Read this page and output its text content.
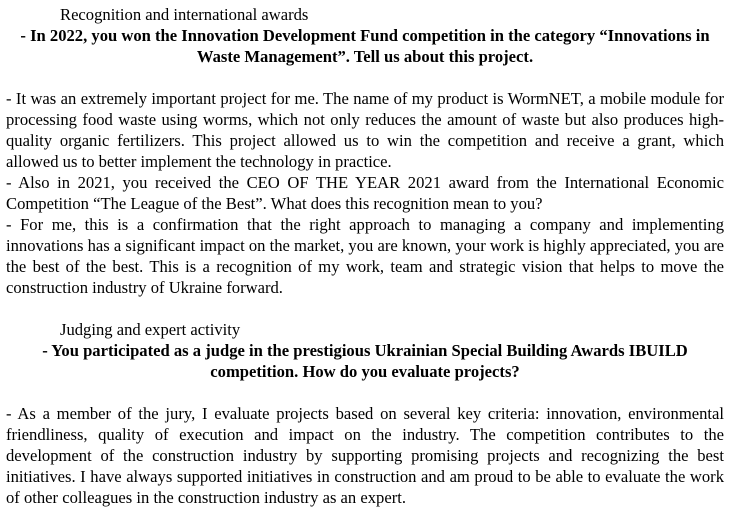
Recognition and international awards

- In 2022, you won the Innovation Development Fund competition in the category “Innovations in Waste Management”. Tell us about this project.

- It was an extremely important project for me. The name of my product is WormNET, a mobile module for processing food waste using worms, which not only reduces the amount of waste but also produces high-quality organic fertilizers. This project allowed us to win the competition and receive a grant, which allowed us to better implement the technology in practice.

- Also in 2021, you received the CEO OF THE YEAR 2021 award from the International Economic Competition “The League of the Best”. What does this recognition mean to you?

- For me, this is a confirmation that the right approach to managing a company and implementing innovations has a significant impact on the market, you are known, your work is highly appreciated, you are the best of the best. This is a recognition of my work, team and strategic vision that helps to move the construction industry of Ukraine forward.

Judging and expert activity

- You participated as a judge in the prestigious Ukrainian Special Building Awards IBUILD competition. How do you evaluate projects?

- As a member of the jury, I evaluate projects based on several key criteria: innovation, environmental friendliness, quality of execution and impact on the industry. The competition contributes to the development of the construction industry by supporting promising projects and recognizing the best initiatives. I have always supported initiatives in construction and am proud to be able to evaluate the work of other colleagues in the construction industry as an expert.
